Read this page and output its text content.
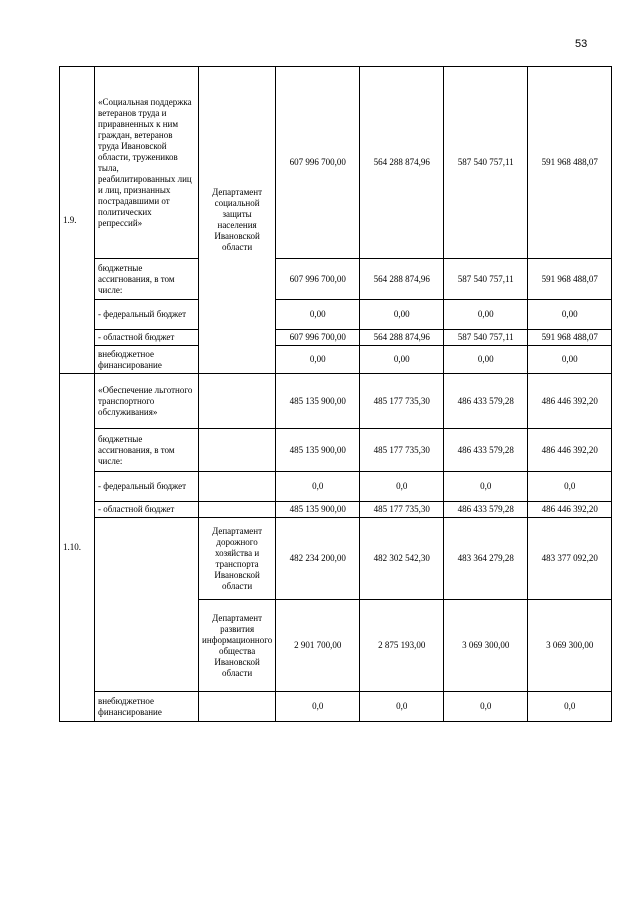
53
1.9.	«Социальная поддержка ветеранов труда и приравненных к ним граждан, ветеранов труда Ивановской области, тружеников тыла, реабилитированных лиц и лиц, признанных пострадавшими от политических репрессий»	Департамент социальной защиты населения Ивановской области	607 996 700,00	564 288 874,96	587 540 757,11	591 968 488,07
	бюджетные ассигнования, в том числе:		607 996 700,00	564 288 874,96	587 540 757,11	591 968 488,07
	- федеральный бюджет		0,00	0,00	0,00	0,00
	- областной бюджет		607 996 700,00	564 288 874,96	587 540 757,11	591 968 488,07
	внебюджетное финансирование		0,00	0,00	0,00	0,00
1.10.	«Обеспечение льготного транспортного обслуживания»		485 135 900,00	485 177 735,30	486 433 579,28	486 446 392,20
	бюджетные ассигнования, в том числе:		485 135 900,00	485 177 735,30	486 433 579,28	486 446 392,20
	- федеральный бюджет		0,0	0,0	0,0	0,0
	- областной бюджет		485 135 900,00	485 177 735,30	486 433 579,28	486 446 392,20
		Департамент дорожного хозяйства и транспорта Ивановской области	482 234 200,00	482 302 542,30	483 364 279,28	483 377 092,20
		Департамент развития информационного общества Ивановской области	2 901 700,00	2 875 193,00	3 069 300,00	3 069 300,00
	внебюджетное финансирование		0,0	0,0	0,0	0,0
